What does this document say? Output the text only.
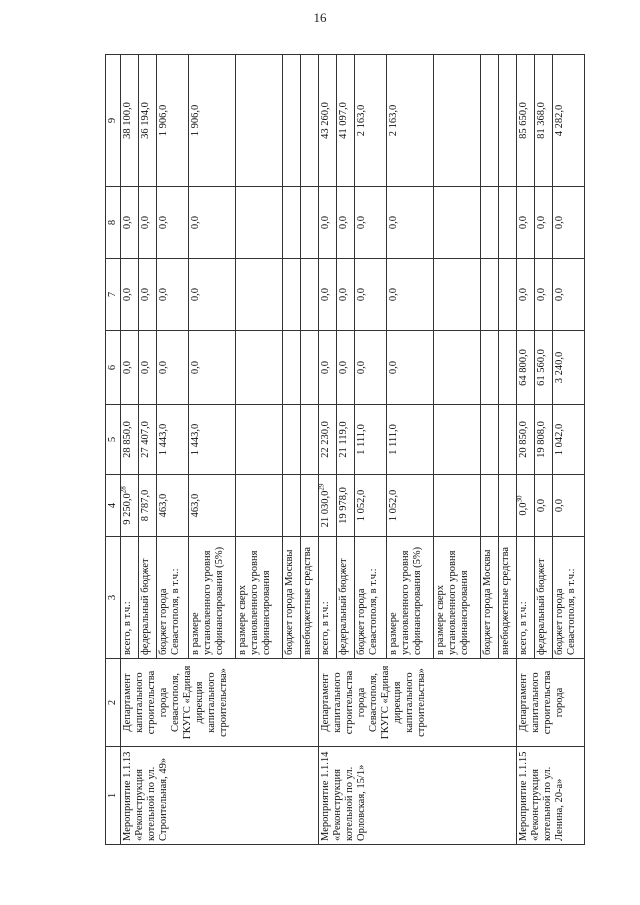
16
1	2	3	4	5	6	7	8	9
Мероприятие 1.1.13 «Реконструкция котельной по ул. Строительная, 49»	Департамент капитального строительства города Севастополя, ГКУГС «Единая дирекция капитального строительства»	всего, в т.ч.:	9 250,0$^{28}$	28 850,0	0,0	0,0	0,0	38 100,0
		федеральный бюджет	8 787,0	27 407,0	0,0	0,0	0,0	36 194,0
		бюджет города Севастополя, в т.ч.:	463,0	1 443,0	0,0	0,0	0,0	1 906,0
		в размере установленного уровня софинансирования (5%)	463,0	1 443,0	0,0	0,0	0,0	1 906,0
		в размере сверх установленного уровня софинансирования						
		бюджет города Москвы						
		внебюджетные средства						
Мероприятие 1.1.14 «Реконструкция котельной по ул. Орловская, 15/1»	Департамент капитального строительства города Севастополя, ГКУГС «Единая дирекция капитального строительства»	всего, в т.ч.:	21 030,0$^{29}$	22 230,0	0,0	0,0	0,0	43 260,0
		федеральный бюджет	19 978,0	21 119,0	0,0	0,0	0,0	41 097,0
		бюджет города Севастополя, в т.ч.:	1 052,0	1 111,0	0,0	0,0	0,0	2 163,0
		в размере установленного уровня софинансирования (5%)	1 052,0	1 111,0	0,0	0,0	0,0	2 163,0
		в размере сверх установленного уровня софинансирования						
		бюджет города Москвы						
		внебюджетные средства						
Мероприятие 1.1.15 «Реконструкция котельной по ул. Ленина, 20-а»	Департамент капитального строительства города	всего, в т.ч.:	$0,0^{30}$	20 850,0	64 800,0	0,0	0,0	85 650,0
		федеральный бюджет	0,0	19 808,0	61 560,0	0,0	0,0	81 368,0
		бюджет города Севастополя, в т.ч.:	0,0	1 042,0	3 240,0	0,0	0,0	4 282,0
